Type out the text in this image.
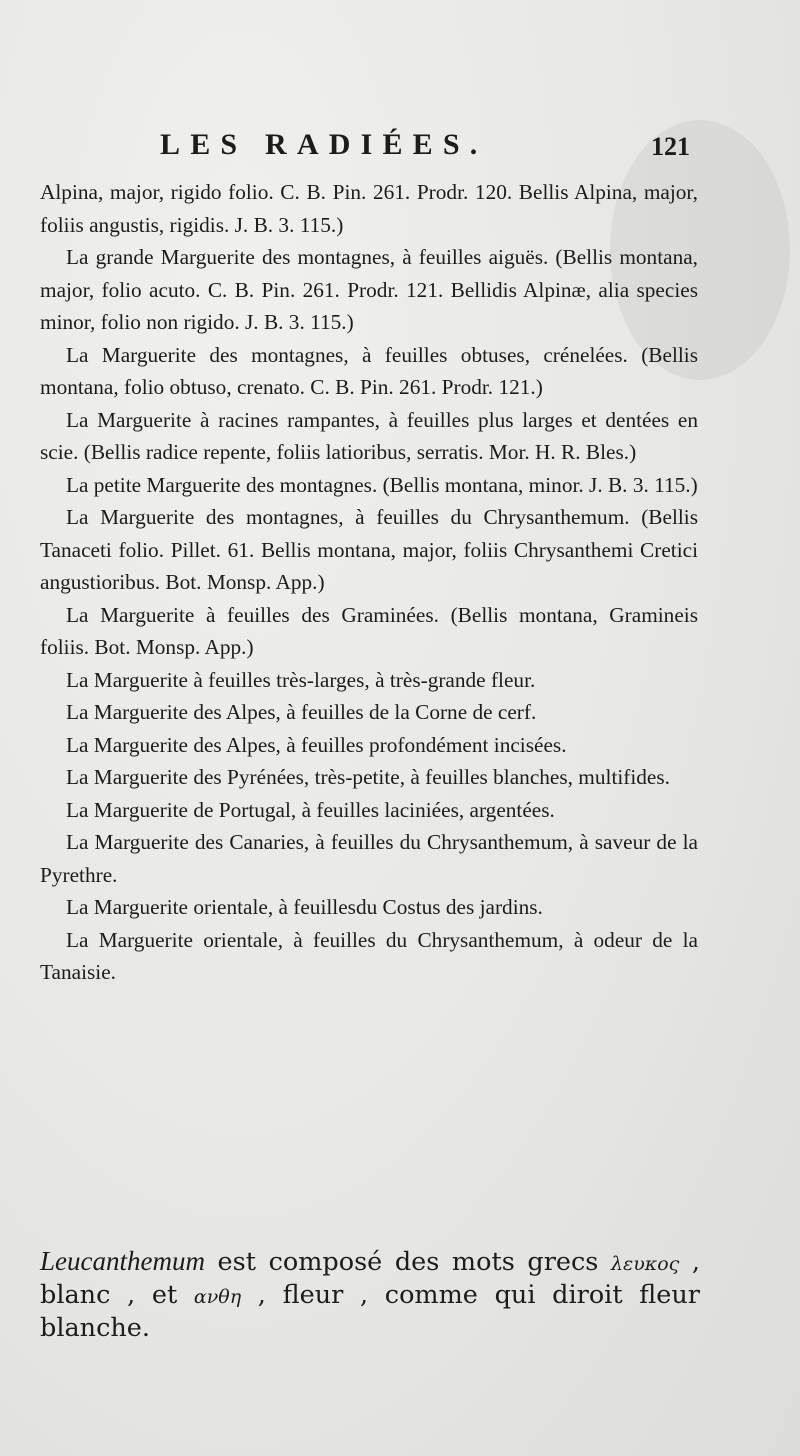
LES RADIÉES.	121

Alpina, major, rigido folio. C. B. Pin. 261. Prodr. 120. Bellis Alpina, major, foliis angustis, rigidis. J. B. 3. 115.)

La grande Marguerite des montagnes, à feuilles aiguës. (Bellis montana, major, folio acuto. C. B. Pin. 261. Prodr. 121. Bellidis Alpinæ, alia species minor, folio non rigido. J. B. 3. 115.)

La Marguerite des montagnes, à feuilles obtuses, crénelées. (Bellis montana, folio obtuso, crenato. C. B. Pin. 261. Prodr. 121.)

La Marguerite à racines rampantes, à feuilles plus larges et dentées en scie. (Bellis radice repente, foliis latioribus, serratis. Mor. H. R. Bles.)

La petite Marguerite des montagnes. (Bellis montana, minor. J. B. 3. 115.)

La Marguerite des montagnes, à feuilles du Chrysanthemum. (Bellis Tanaceti folio. Pillet. 61. Bellis montana, major, foliis Chrysanthemi Cretici angustioribus. Bot. Monsp. App.)

La Marguerite à feuilles des Graminées. (Bellis montana, Gramineis foliis. Bot. Monsp. App.)

La Marguerite à feuilles très-larges, à très-grande fleur.

La Marguerite des Alpes, à feuilles de la Corne de cerf.

La Marguerite des Alpes, à feuilles profondément incisées.

La Marguerite des Pyrénées, très-petite, à feuilles blanches, multifides.

La Marguerite de Portugal, à feuilles laciniées, argentées.

La Marguerite des Canaries, à feuilles du Chrysanthemum, à saveur de la Pyrethre.

La Marguerite orientale, à feuillesdu Costus des jardins.

La Marguerite orientale, à feuilles du Chrysanthemum, à odeur de la Tanaisie.

Leucanthemum est composé des mots grecs λευκος , blanc , et ανθη , fleur , comme qui diroit fleur blanche.
